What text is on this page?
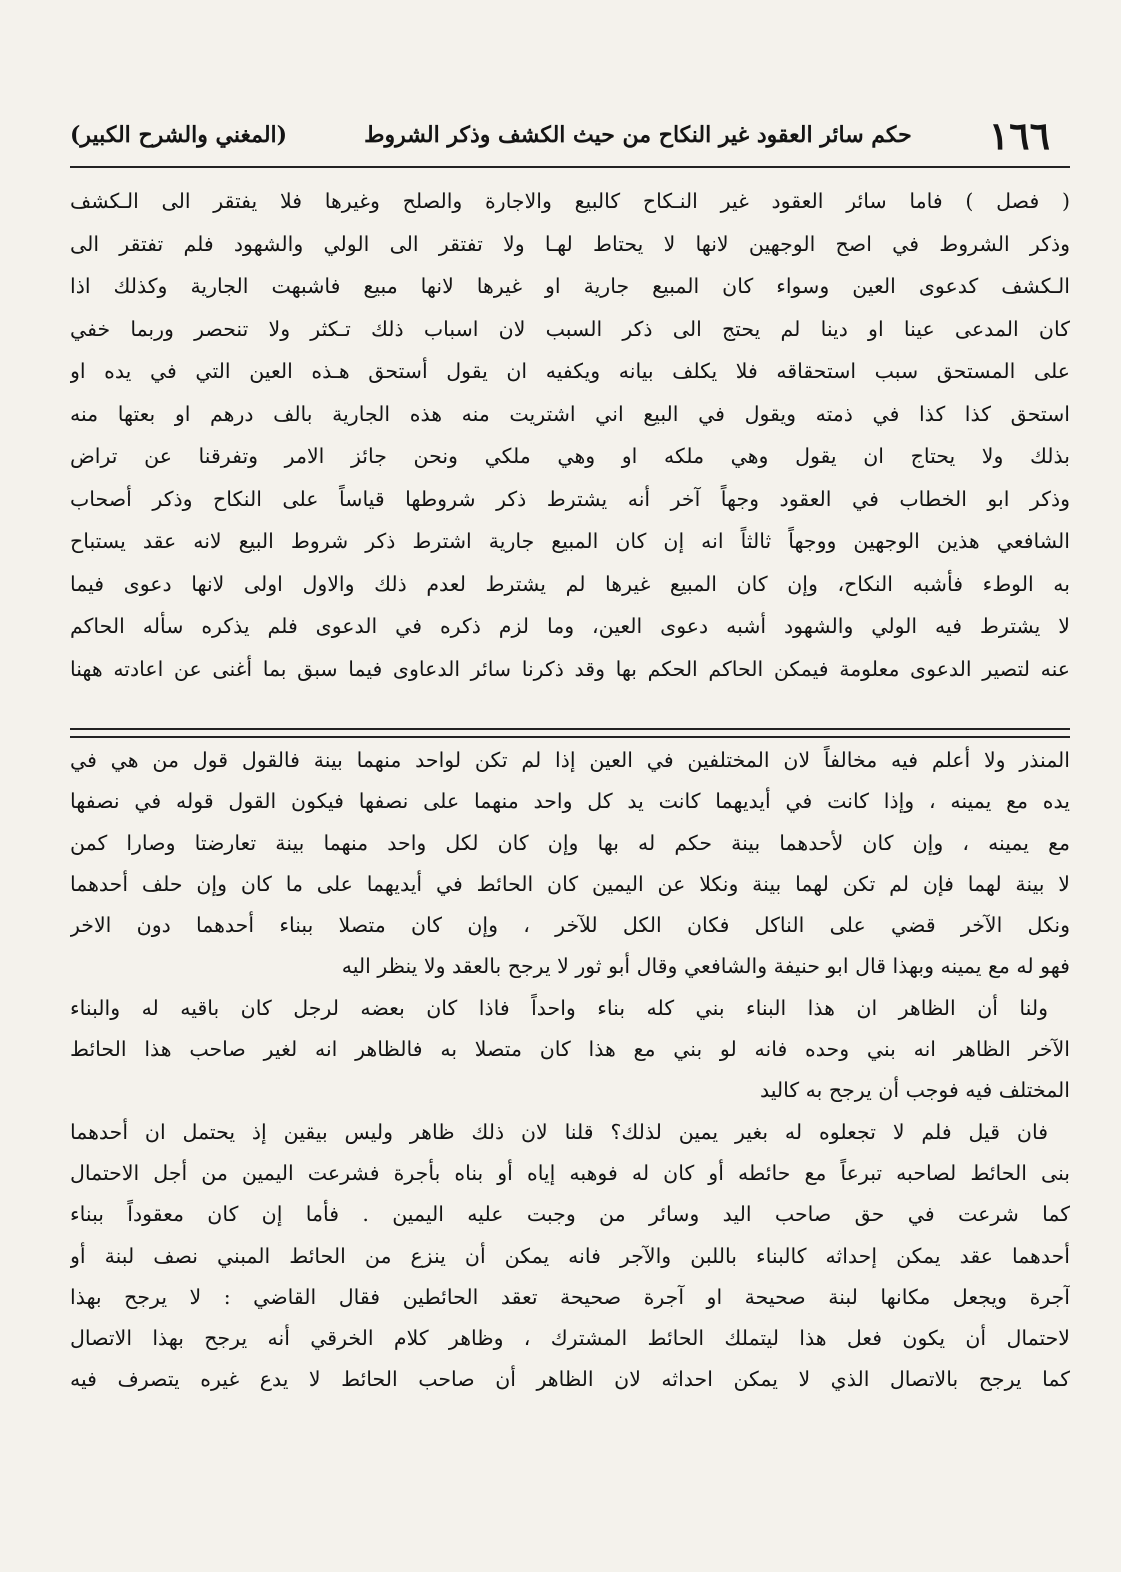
١٦٦
حكم سائر العقود غير النكاح من حيث الكشف وذكر الشروط
(المغني والشرح الكبير)
( فصل ) فاما سائر العقود غير النـكاح كالبيع والاجارة والصلح وغيرها فلا يفتقر الى الـكشف
وذكر الشروط في اصح الوجهين لانها لا يحتاط لهـا ولا تفتقر الى الولي والشهود فلم تفتقر الى
الـكشف كدعوى العين وسواء كان المبيع جارية او غيرها لانها مبيع فاشبهت الجارية وكذلك اذا
كان المدعى عينا او دينا لم يحتج الى ذكر السبب لان اسباب ذلك تـكثر ولا تنحصر وربما خفي
على المستحق سبب استحقاقه فلا يكلف بيانه ويكفيه ان يقول أستحق هـذه العين التي في يده او
استحق كذا كذا في ذمته ويقول في البيع اني اشتريت منه هذه الجارية بالف درهم او بعتها منه
بذلك ولا يحتاج ان يقول وهي ملكه او وهي ملكي ونحن جائز الامر وتفرقنا عن تراض
وذكر ابو الخطاب في العقود وجهاً آخر أنه يشترط ذكر شروطها قياساً على النكاح وذكر أصحاب
الشافعي هذين الوجهين ووجهاً ثالثاً انه إن كان المبيع جارية اشترط ذكر شروط البيع لانه عقد يستباح
به الوطء فأشبه النكاح، وإن كان المبيع غيرها لم يشترط لعدم ذلك والاول اولى لانها دعوى فيما
لا يشترط فيه الولي والشهود أشبه دعوى العين، وما لزم ذكره في الدعوى فلم يذكره سأله الحاكم
عنه لتصير الدعوى معلومة فيمكن الحاكم الحكم بها وقد ذكرنا سائر الدعاوى فيما سبق بما أغنى عن اعادته ههنا
المنذر ولا أعلم فيه مخالفاً لان المختلفين في العين إذا لم تكن لواحد منهما بينة فالقول قول من هي في
يده مع يمينه ، وإذا كانت في أيديهما كانت يد كل واحد منهما على نصفها فيكون القول قوله في نصفها
مع يمينه ، وإن كان لأحدهما بينة حكم له بها وإن كان لكل واحد منهما بينة تعارضتا وصارا كمن
لا بينة لهما فإن لم تكن لهما بينة ونكلا عن اليمين كان الحائط في أيديهما على ما كان وإن حلف أحدهما
ونكل الآخر قضي على الناكل فكان الكل للآخر ، وإن كان متصلا ببناء أحدهما دون الاخر
فهو له مع يمينه وبهذا قال ابو حنيفة والشافعي وقال أبو ثور لا يرجح بالعقد ولا ينظر اليه
ولنا أن الظاهر ان هذا البناء بني كله بناء واحداً فاذا كان بعضه لرجل كان باقيه له والبناء
الآخر الظاهر انه بني وحده فانه لو بني مع هذا كان متصلا به فالظاهر انه لغير صاحب هذا الحائط
المختلف فيه فوجب أن يرجح به كاليد
فان قيل فلم لا تجعلوه له بغير يمين لذلك؟ قلنا لان ذلك ظاهر وليس بيقين إذ يحتمل ان أحدهما
بنى الحائط لصاحبه تبرعاً مع حائطه أو كان له فوهبه إياه أو بناه بأجرة فشرعت اليمين من أجل الاحتمال
كما شرعت في حق صاحب اليد وسائر من وجبت عليه اليمين . فأما إن كان معقوداً ببناء
أحدهما عقد يمكن إحداثه كالبناء باللبن والآجر فانه يمكن أن ينزع من الحائط المبني نصف لبنة أو
آجرة ويجعل مكانها لبنة صحيحة او آجرة صحيحة تعقد الحائطين فقال القاضي : لا يرجح بهذا
لاحتمال أن يكون فعل هذا ليتملك الحائط المشترك ، وظاهر كلام الخرقي أنه يرجح بهذا الاتصال
كما يرجح بالاتصال الذي لا يمكن احداثه لان الظاهر أن صاحب الحائط لا يدع غيره يتصرف فيه
